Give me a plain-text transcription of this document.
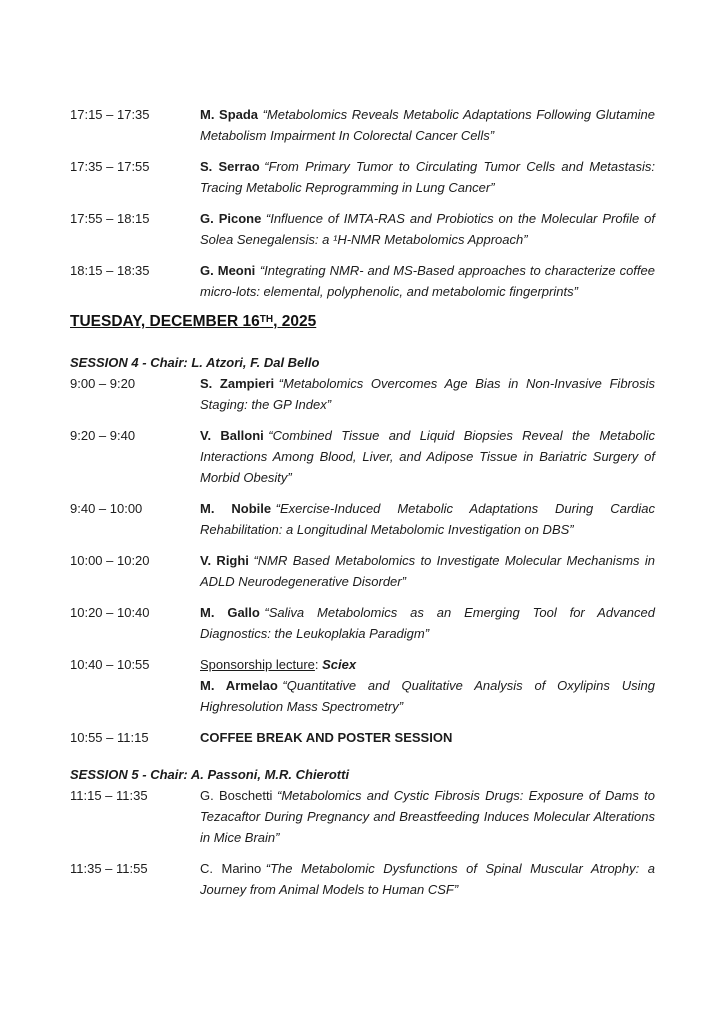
17:15 – 17:35	M. Spada “Metabolomics Reveals Metabolic Adaptations Following Glutamine Metabolism Impairment In Colorectal Cancer Cells”

17:35 – 17:55	S. Serrao “From Primary Tumor to Circulating Tumor Cells and Metastasis: Tracing Metabolic Reprogramming in Lung Cancer”

17:55 – 18:15	G. Picone “Influence of IMTA-RAS and Probiotics on the Molecular Profile of Solea Senegalensis: a ¹H-NMR Metabolomics Approach”

18:15 – 18:35	G. Meoni “Integrating NMR- and MS-Based approaches to characterize coffee micro-lots: elemental, polyphenolic, and metabolomic fingerprints”

TUESDAY, DECEMBER 16TH, 2025

SESSION 4 - Chair: L. Atzori, F. Dal Bello

9:00 – 9:20	S. Zampieri “Metabolomics Overcomes Age Bias in Non-Invasive Fibrosis Staging: the GP Index”

9:20 – 9:40	V. Balloni “Combined Tissue and Liquid Biopsies Reveal the Metabolic Interactions Among Blood, Liver, and Adipose Tissue in Bariatric Surgery of Morbid Obesity”

9:40 – 10:00	M. Nobile “Exercise-Induced Metabolic Adaptations During Cardiac Rehabilitation: a Longitudinal Metabolomic Investigation on DBS”

10:00 – 10:20	V. Righi “NMR Based Metabolomics to Investigate Molecular Mechanisms in ADLD Neurodegenerative Disorder”

10:20 – 10:40	M. Gallo “Saliva Metabolomics as an Emerging Tool for Advanced Diagnostics: the Leukoplakia Paradigm”

10:40 – 10:55	Sponsorship lecture: Sciex
M. Armelao “Quantitative and Qualitative Analysis of Oxylipins Using Highresolution Mass Spectrometry”

10:55 – 11:15	COFFEE BREAK AND POSTER SESSION

SESSION 5 - Chair: A. Passoni, M.R. Chierotti

11:15 – 11:35	G. Boschetti “Metabolomics and Cystic Fibrosis Drugs: Exposure of Dams to Tezacaftor During Pregnancy and Breastfeeding Induces Molecular Alterations in Mice Brain”

11:35 – 11:55	C. Marino “The Metabolomic Dysfunctions of Spinal Muscular Atrophy: a Journey from Animal Models to Human CSF”
